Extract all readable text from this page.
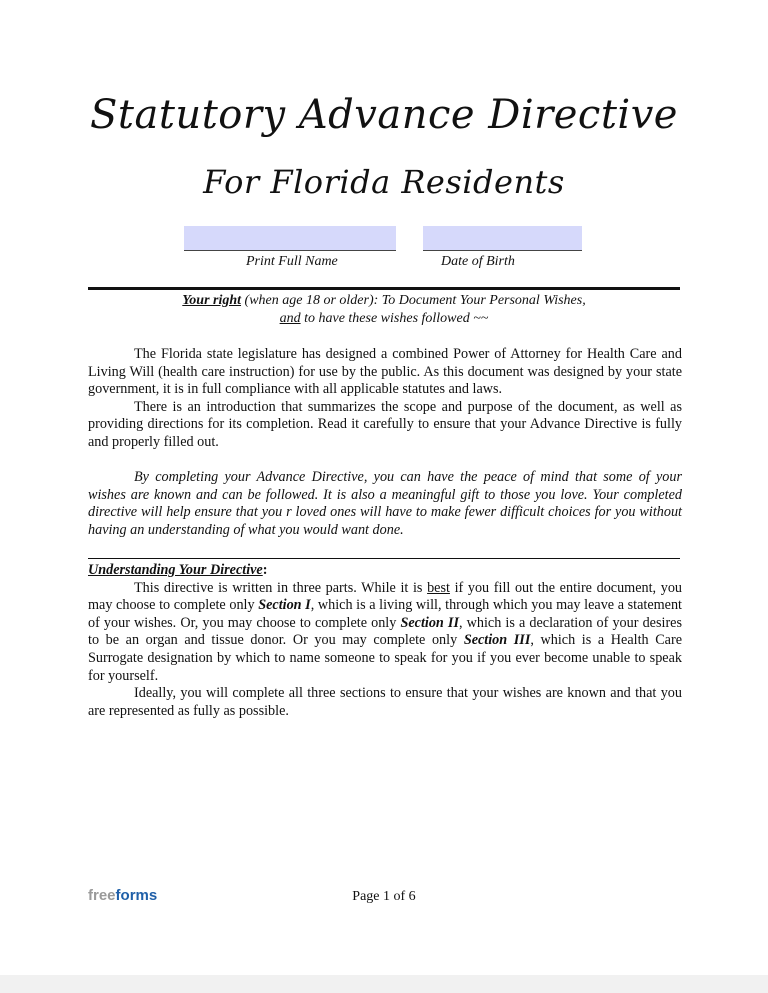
Statutory Advance Directive
For Florida Residents
Print Full Name	Date of Birth
Your right (when age 18 or older): To Document Your Personal Wishes,
and to have these wishes followed ~~

The Florida state legislature has designed a combined Power of Attorney for Health Care and Living Will (health care instruction) for use by the public. As this document was designed by your state government, it is in full compliance with all applicable statutes and laws.

There is an introduction that summarizes the scope and purpose of the document, as well as providing directions for its completion. Read it carefully to ensure that your Advance Directive is fully and properly filled out.

By completing your Advance Directive, you can have the peace of mind that some of your wishes are known and can be followed. It is also a meaningful gift to those you love. Your completed directive will help ensure that you r loved ones will have to make fewer difficult choices for you without having an understanding of what you would want done.

Understanding Your Directive:

This directive is written in three parts. While it is best if you fill out the entire document, you may choose to complete only Section I, which is a living will, through which you may leave a statement of your wishes. Or, you may choose to complete only Section II, which is a declaration of your desires to be an organ and tissue donor. Or you may complete only Section III, which is a Health Care Surrogate designation by which to name someone to speak for you if you ever become unable to speak for yourself.

Ideally, you will complete all three sections to ensure that your wishes are known and that you are represented as fully as possible.

freeforms	Page 1 of 6
